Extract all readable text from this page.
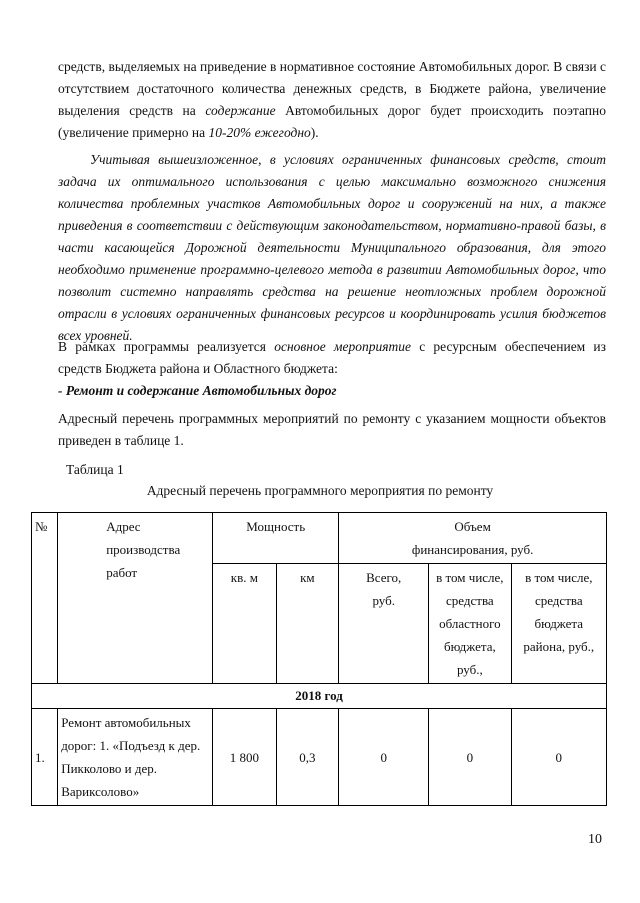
средств, выделяемых на приведение в нормативное состояние Автомобильных дорог. В связи с отсутствием достаточного количества денежных средств, в Бюджете района, увеличение выделения средств на содержание Автомобильных дорог будет происходить поэтапно (увеличение примерно на 10-20% ежегодно).

Учитывая вышеизложенное, в условиях ограниченных финансовых средств, стоит задача их оптимального использования с целью максимально возможного снижения количества проблемных участков Автомобильных дорог и сооружений на них, а также приведения в соответствии с действующим законодательством, нормативно-правой базы, в части касающейся Дорожной деятельности Муниципального образования, для этого необходимо применение программно-целевого метода в развитии Автомобильных дорог, что позволит системно направлять средства на решение неотложных проблем дорожной отрасли в условиях ограниченных финансовых ресурсов и координировать усилия бюджетов всех уровней.

В рамках программы реализуется основное мероприятие с ресурсным обеспечением из средств Бюджета района и Областного бюджета:

- Ремонт и содержание Автомобильных дорог

Адресный перечень программных мероприятий по ремонту с указанием мощности объектов приведен в таблице 1.

Таблица 1
Адресный перечень программного мероприятия по ремонту
№	Адрес производства работ	Мощность		Объем финансирования, руб.		
		кв. м	км	Всего, руб.	в том числе, средства областного бюджета, руб.,	в том числе, средства бюджета района, руб.,
2018 год						
1.	Ремонт автомобильных дорог: 1. «Подъезд к дер. Пикколово и дер. Вариксолово»	1 800	0,3	0	0	0
10
